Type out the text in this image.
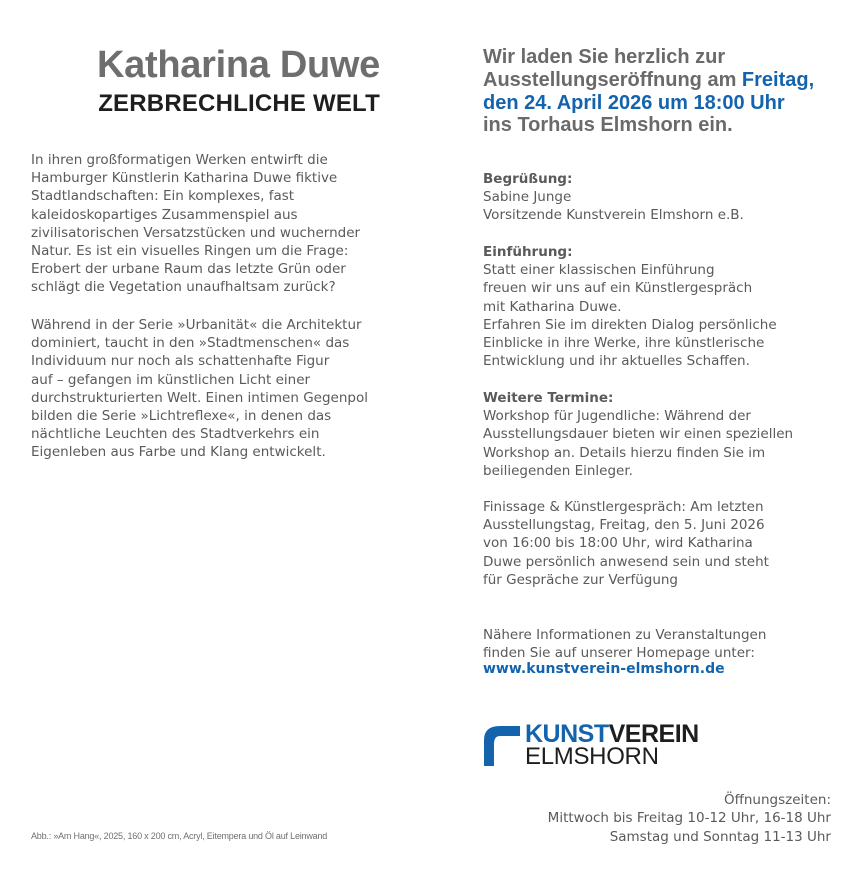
Katharina Duwe
ZERBRECHLICHE WELT
In ihren großformatigen Werken entwirft die
Hamburger Künstlerin Katharina Duwe fiktive
Stadtlandschaften: Ein komplexes, fast
kaleidoskopartiges Zusammenspiel aus
zivilisatorischen Versatzstücken und wuchernder
Natur. Es ist ein visuelles Ringen um die Frage:
Erobert der urbane Raum das letzte Grün oder
schlägt die Vegetation unaufhaltsam zurück?
Während in der Serie »Urbanität« die Architektur
dominiert, taucht in den »Stadtmenschen« das
Individuum nur noch als schattenhafte Figur
auf – gefangen im künstlichen Licht einer
durchstrukturierten Welt. Einen intimen Gegenpol
bilden die Serie »Lichtreflexe«, in denen das
nächtliche Leuchten des Stadtverkehrs ein
Eigenleben aus Farbe und Klang entwickelt.
Abb.: »Am Hang«, 2025, 160 x 200 cm, Acryl, Eitempera und Öl auf Leinwand
Wir laden Sie herzlich zur
Ausstellungseröffnung am Freitag,
den 24. April 2026 um 18:00 Uhr
ins Torhaus Elmshorn ein.
Begrüßung:
Sabine Junge
Vorsitzende Kunstverein Elmshorn e.B.
Einführung:
Statt einer klassischen Einführung
freuen wir uns auf ein Künstlergespräch
mit Katharina Duwe.
Erfahren Sie im direkten Dialog persönliche
Einblicke in ihre Werke, ihre künstlerische
Entwicklung und ihr aktuelles Schaffen.
Weitere Termine:
Workshop für Jugendliche: Während der
Ausstellungsdauer bieten wir einen speziellen
Workshop an. Details hierzu finden Sie im
beiliegenden Einleger.
Finissage & Künstlergespräch: Am letzten
Ausstellungstag, Freitag, den 5. Juni 2026
von 16:00 bis 18:00 Uhr, wird Katharina
Duwe persönlich anwesend sein und steht
für Gespräche zur Verfügung
Nähere Informationen zu Veranstaltungen
finden Sie auf unserer Homepage unter:
www.kunstverein-elmshorn.de
KUNSTVEREIN
ELMSHORN
Öffnungszeiten:
Mittwoch bis Freitag 10-12 Uhr, 16-18 Uhr
Samstag und Sonntag 11-13 Uhr
